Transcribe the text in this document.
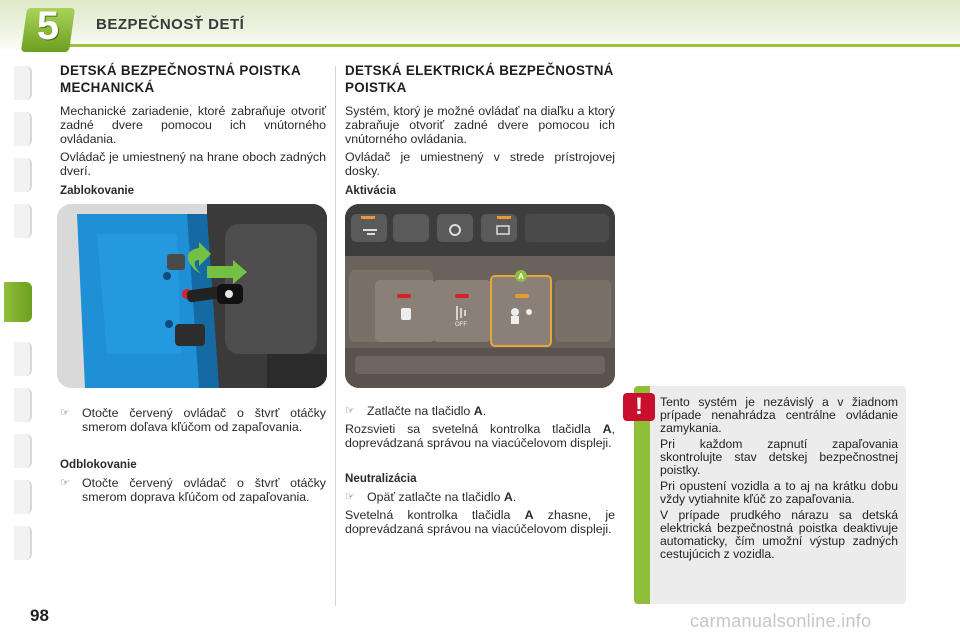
5	BEZPEČNOSŤ DETÍ
DETSKÁ BEZPEČNOSTNÁ POISTKA MECHANICKÁ

Mechanické zariadenie, ktoré zabraňuje otvoriť zadné dvere pomocou ich vnútorného ovládania.

Ovládač je umiestnený na hrane oboch zadných dverí.

Zablokovanie
☞ Otočte červený ovládač o štvrť otáčky smerom doľava kľúčom od zapaľovania.
Odblokovanie
☞ Otočte červený ovládač o štvrť otáčky smerom doprava kľúčom od zapaľovania.
DETSKÁ ELEKTRICKÁ BEZPEČNOSTNÁ POISTKA

Systém, ktorý je možné ovládať na diaľku a ktorý zabraňuje otvoriť zadné dvere pomocou ich vnútorného ovládania.

Ovládač je umiestnený v strede prístrojovej dosky.

Aktivácia
OFF
A
☞ Zatlačte na tlačidlo A.

Rozsvieti sa svetelná kontrolka tlačidla A, doprevádzaná správou na viacúčelovom displeji.

Neutralizácia
☞ Opäť zatlačte na tlačidlo A.

Svetelná kontrolka tlačidla A zhasne, je doprevádzaná správou na viacúčelovom displeji.

!	Tento systém je nezávislý a v žiadnom prípade nenahrádza centrálne ovládanie zamykania.

Pri každom zapnutí zapaľovania skontrolujte stav detskej bezpečnostnej poistky.

Pri opustení vozidla a to aj na krátku dobu vždy vytiahnite kľúč zo zapaľovania.

V prípade prudkého nárazu sa detská elektrická bezpečnostná poistka deaktivuje automaticky, čím umožní výstup zadných cestujúcich z vozidla.

98	carmanualsonline.info
